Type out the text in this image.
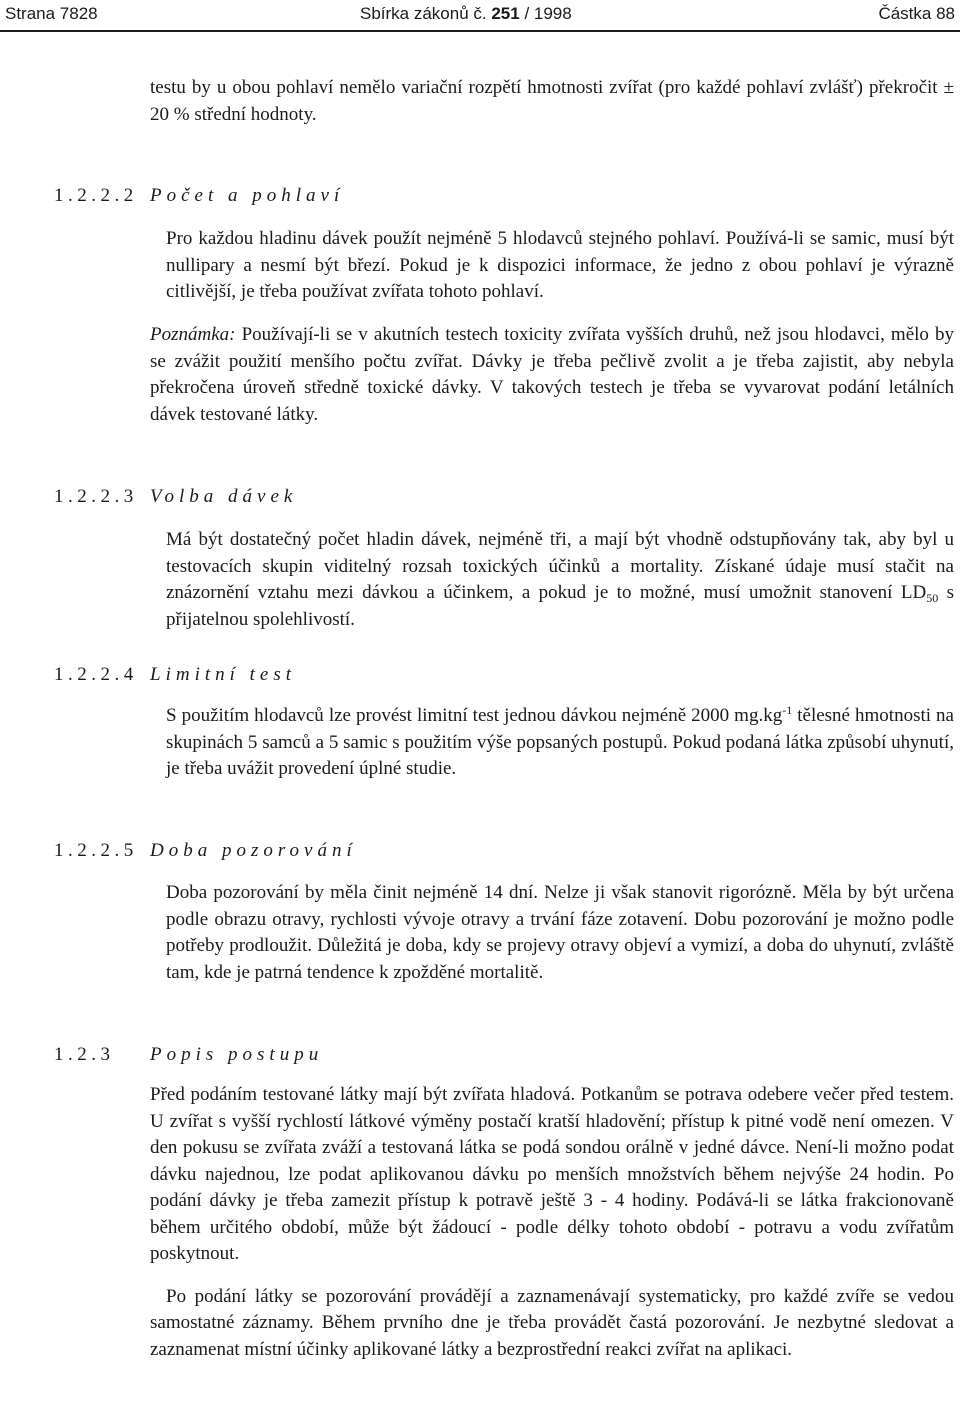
Strana 7828	Sbírka zákonů č. 251 / 1998	Částka 88

testu by u obou pohlaví nemělo variační rozpětí hmotnosti zvířat (pro každé pohlaví zvlášť) překročit ± 20 % střední hodnoty.

1.2.2.2 Počet a pohlaví

Pro každou hladinu dávek použít nejméně 5 hlodavců stejného pohlaví. Používá-li se samic, musí být nullipary a nesmí být březí. Pokud je k dispozici informace, že jedno z obou pohlaví je výrazně citlivější, je třeba používat zvířata tohoto pohlaví.

Poznámka: Používají-li se v akutních testech toxicity zvířata vyšších druhů, než jsou hlodavci, mělo by se zvážit použití menšího počtu zvířat. Dávky je třeba pečlivě zvolit a je třeba zajistit, aby nebyla překročena úroveň středně toxické dávky. V takových testech je třeba se vyvarovat podání letálních dávek testované látky.

1.2.2.3 Volba dávek

Má být dostatečný počet hladin dávek, nejméně tři, a mají být vhodně odstupňovány tak, aby byl u testovacích skupin viditelný rozsah toxických účinků a mortality. Získané údaje musí stačit na znázornění vztahu mezi dávkou a účinkem, a pokud je to možné, musí umožnit stanovení $LD_{50}$ s přijatelnou spolehlivostí.

1.2.2.4 Limitní test

S použitím hlodavců lze provést limitní test jednou dávkou nejméně 2000 $mg.kg^{-1}$ tělesné hmotnosti na skupinách 5 samců a 5 samic s použitím výše popsaných postupů. Pokud podaná látka způsobí uhynutí, je třeba uvážit provedení úplné studie.

1.2.2.5 Doba pozorování

Doba pozorování by měla činit nejméně 14 dní. Nelze ji však stanovit rigorózně. Měla by být určena podle obrazu otravy, rychlosti vývoje otravy a trvání fáze zotavení. Dobu pozorování je možno podle potřeby prodloužit. Důležitá je doba, kdy se projevy otravy objeví a vymizí, a doba do uhynutí, zvláště tam, kde je patrná tendence k zpožděné mortalitě.

1.2.3 Popis postupu

Před podáním testované látky mají být zvířata hladová. Potkanům se potrava odebere večer před testem. U zvířat s vyšší rychlostí látkové výměny postačí kratší hladovění; přístup k pitné vodě není omezen. V den pokusu se zvířata zváží a testovaná látka se podá sondou orálně v jedné dávce. Není-li možno podat dávku najednou, lze podat aplikovanou dávku po menších množstvích během nejvýše 24 hodin. Po podání dávky je třeba zamezit přístup k potravě ještě 3 - 4 hodiny. Podává-li se látka frakcionovaně během určitého období, může být žádoucí - podle délky tohoto období - potravu a vodu zvířatům poskytnout.

Po podání látky se pozorování provádějí a zaznamenávají systematicky, pro každé zvíře se vedou samostatné záznamy. Během prvního dne je třeba provádět častá pozorování. Je nezbytné sledovat a zaznamenat místní účinky aplikované látky a bezprostřední reakci zvířat na aplikaci.
